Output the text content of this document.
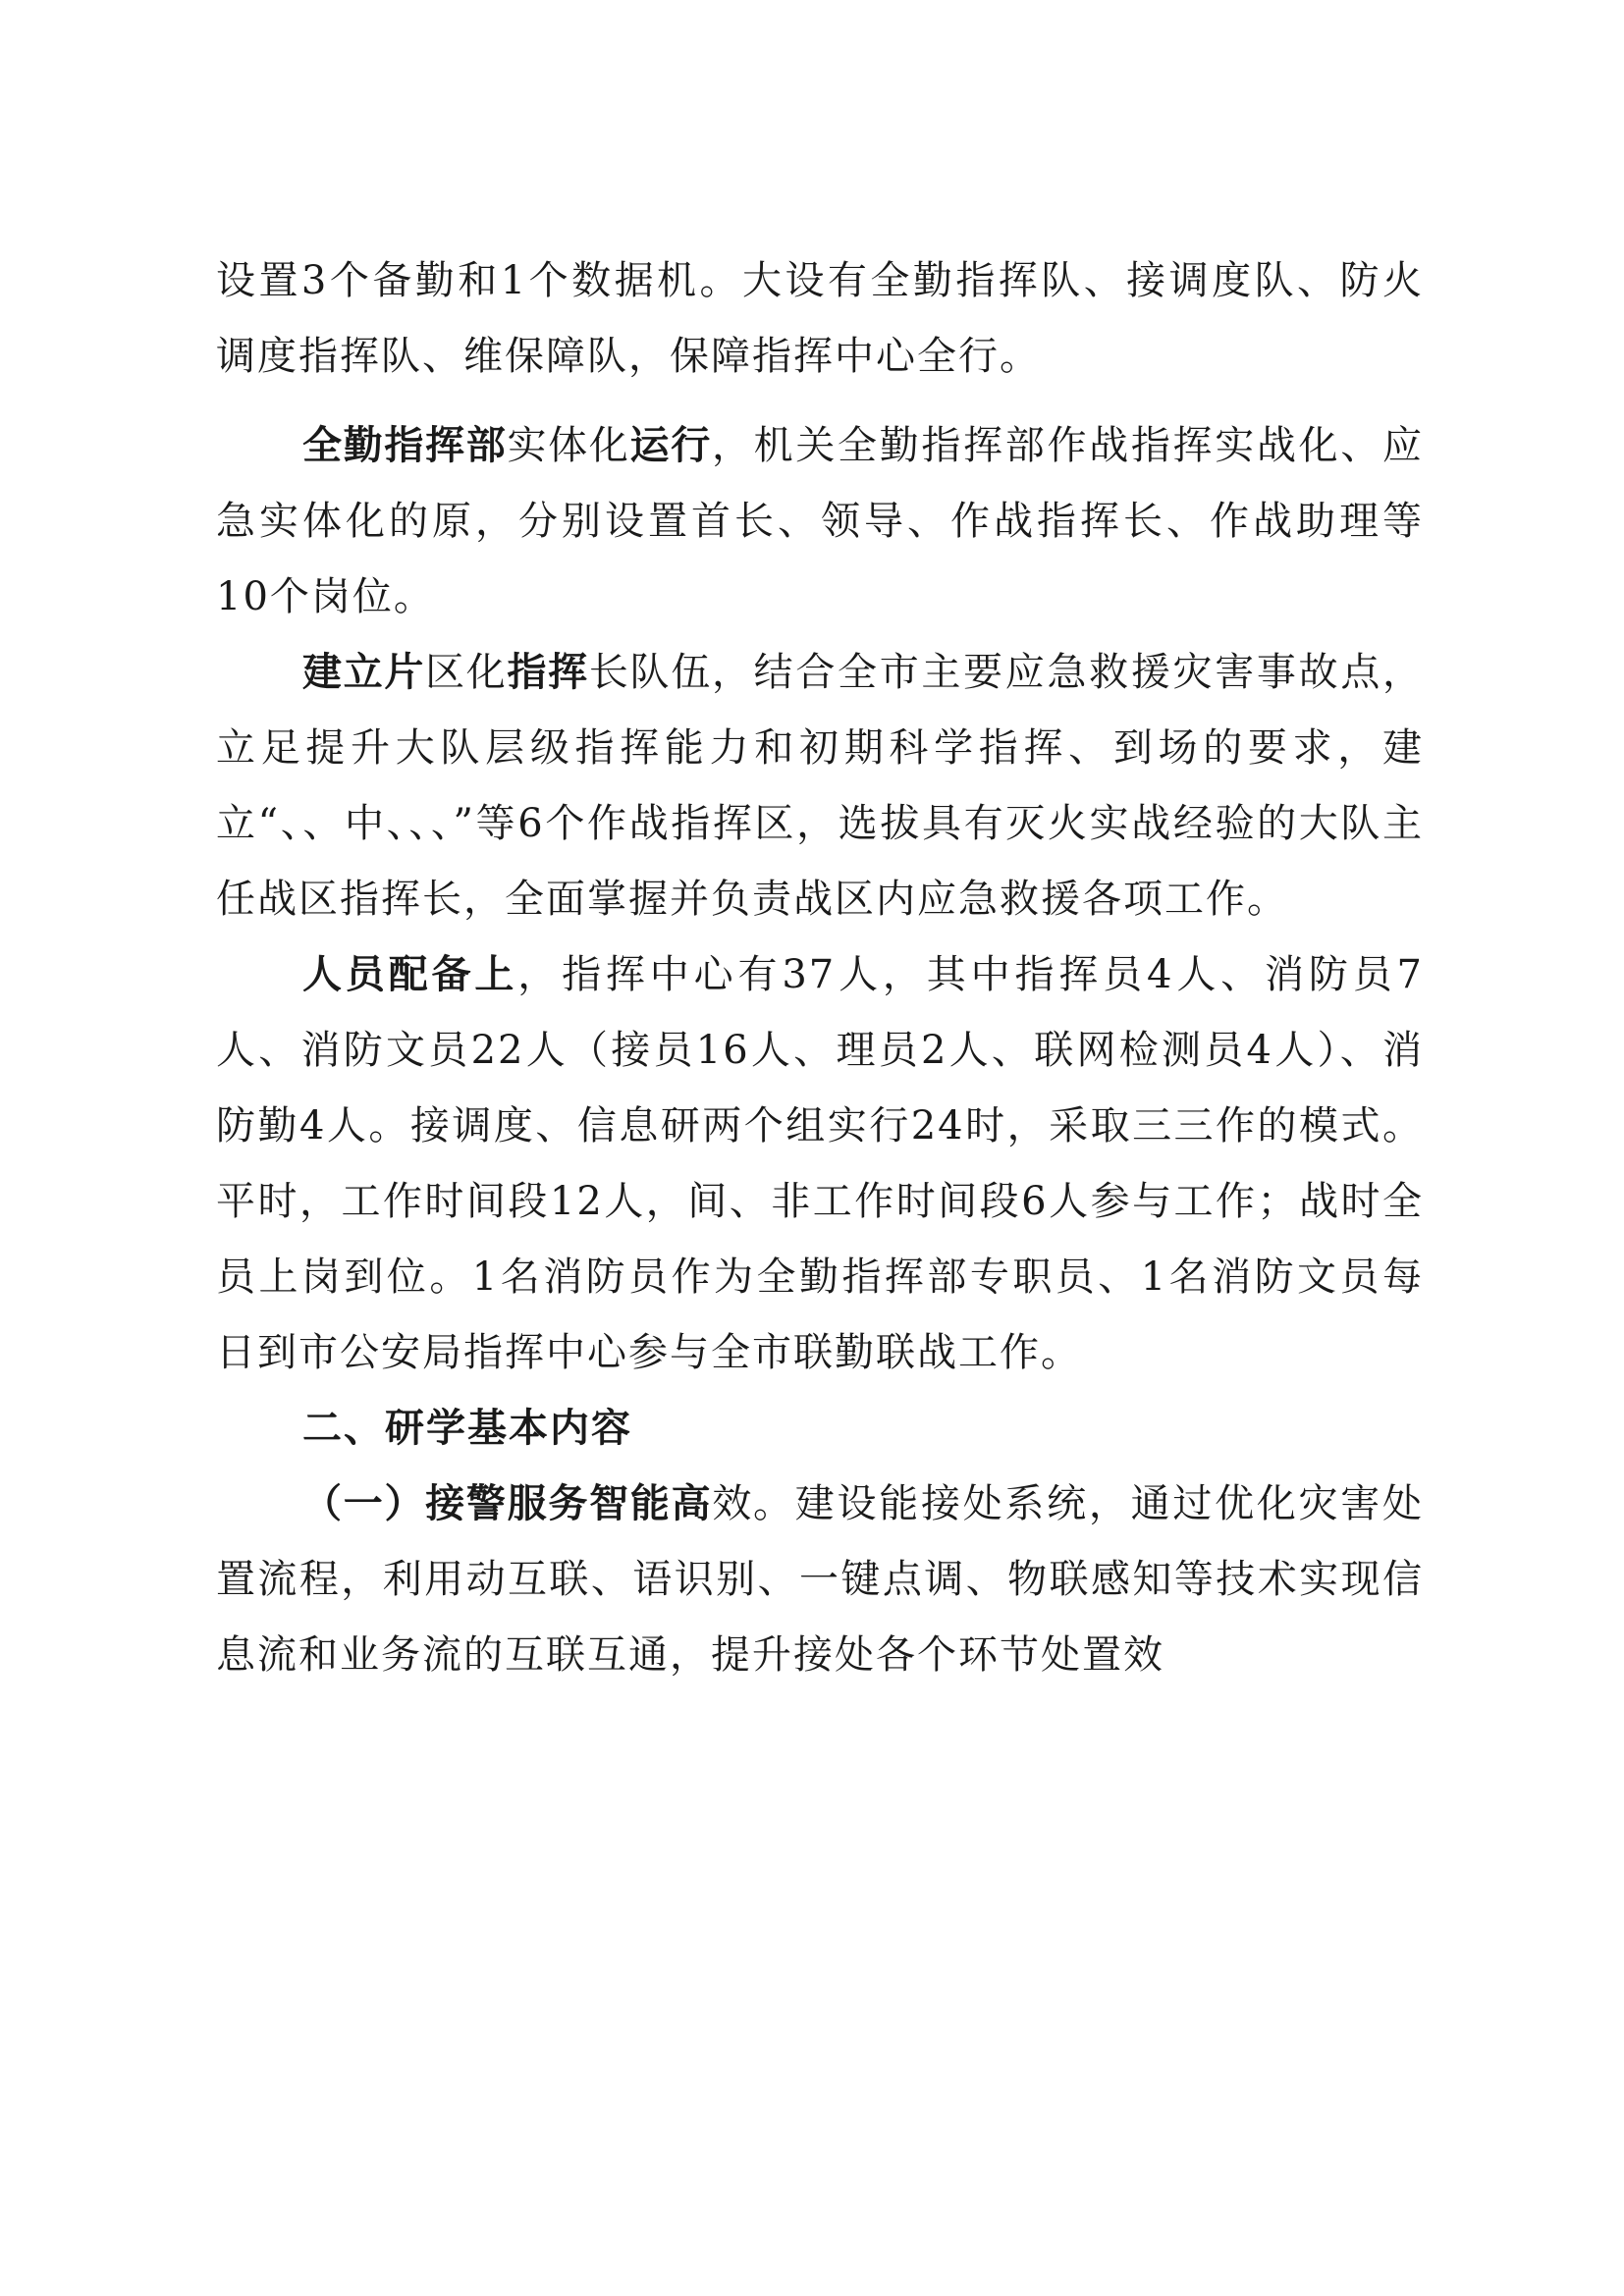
设置3个备勤和1个数据机。大设有全勤指挥队、接调度队、防火调度指挥队、维保障队，保障指挥中心全行。

全勤指挥部实体化运行，机关全勤指挥部作战指挥实战化、应急实体化的原，分别设置首长、领导、作战指挥长、作战助理等10个岗位。

建立片区化指挥长队伍，结合全市主要应急救援灾害事故点，立足提升大队层级指挥能力和初期科学指挥、到场的要求，建立“、、中、、、”等6个作战指挥区，选拔具有灭火实战经验的大队主任战区指挥长，全面掌握并负责战区内应急救援各项工作。

人员配备上，指挥中心有37人，其中指挥员4人、消防员7人、消防文员22人（接员16人、理员2人、联网检测员4人）、消防勤4人。接调度、信息研两个组实行24时，采取三三作的模式。平时，工作时间段12人，间、非工作时间段6人参与工作；战时全员上岗到位。1名消防员作为全勤指挥部专职员、1名消防文员每日到市公安局指挥中心参与全市联勤联战工作。

二、研学基本内容

（一）接警服务智能高效。建设能接处系统，通过优化灾害处置流程，利用动互联、语识别、一键点调、物联感知等技术实现信息流和业务流的互联互通，提升接处各个环节处置效
